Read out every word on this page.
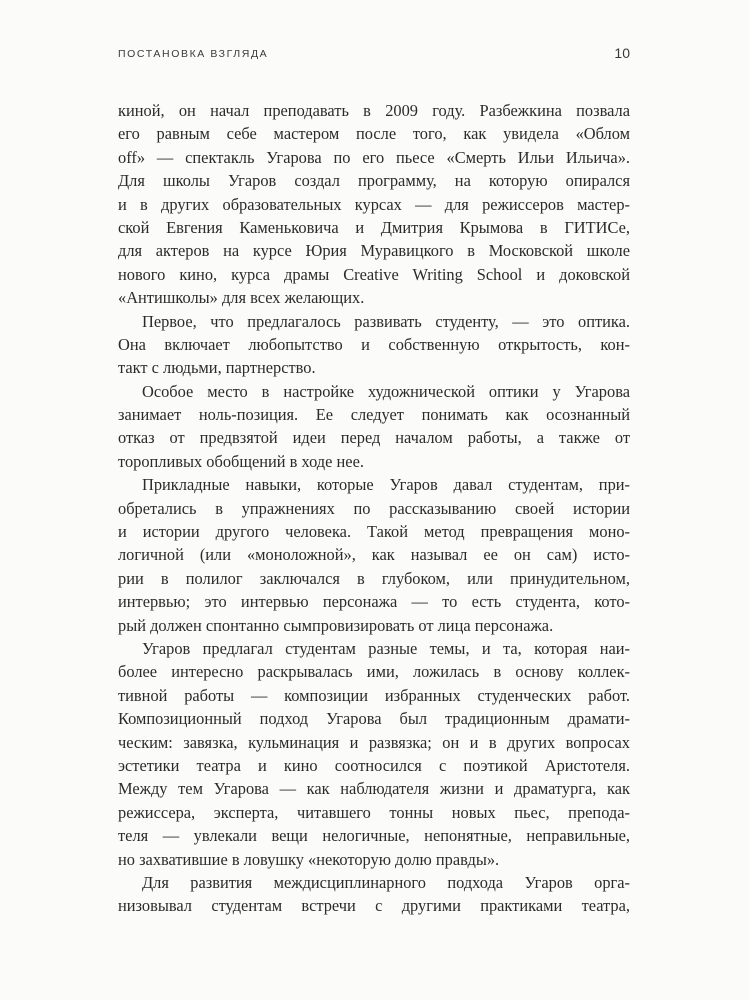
ПОСТАНОВКА ВЗГЛЯДА	10
киной, он начал преподавать в 2009 году. Разбежкина позвала
его равным себе мастером после того, как увидела «Облом
off» — спектакль Угарова по его пьесе «Смерть Ильи Ильича».
Для школы Угаров создал программу, на которую опирался
и в других образовательных курсах — для режиссеров мастер-
ской Евгения Каменьковича и Дмитрия Крымова в ГИТИСе,
для актеров на курсе Юрия Муравицкого в Московской школе
нового кино, курса драмы Creative Writing School и доковской
«Антишколы» для всех желающих.
Первое, что предлагалось развивать студенту, — это оптика.
Она включает любопытство и собственную открытость, кон-
такт с людьми, партнерство.
Особое место в настройке художнической оптики у Угарова
занимает ноль-позиция. Ее следует понимать как осознанный
отказ от предвзятой идеи перед началом работы, а также от
торопливых обобщений в ходе нее.
Прикладные навыки, которые Угаров давал студентам, при-
обретались в упражнениях по рассказыванию своей истории
и истории другого человека. Такой метод превращения моно-
логичной (или «моноложной», как называл ее он сам) исто-
рии в полилог заключался в глубоком, или принудительном,
интервью; это интервью персонажа — то есть студента, кото-
рый должен спонтанно сымпровизировать от лица персонажа.
Угаров предлагал студентам разные темы, и та, которая наи-
более интересно раскрывалась ими, ложилась в основу коллек-
тивной работы — композиции избранных студенческих работ.
Композиционный подход Угарова был традиционным драмати-
ческим: завязка, кульминация и развязка; он и в других вопросах
эстетики театра и кино соотносился с поэтикой Аристотеля.
Между тем Угарова — как наблюдателя жизни и драматурга, как
режиссера, эксперта, читавшего тонны новых пьес, препода-
теля — увлекали вещи нелогичные, непонятные, неправильные,
но захватившие в ловушку «некоторую долю правды».
Для развития междисциплинарного подхода Угаров орга-
низовывал студентам встречи с другими практиками театра,
